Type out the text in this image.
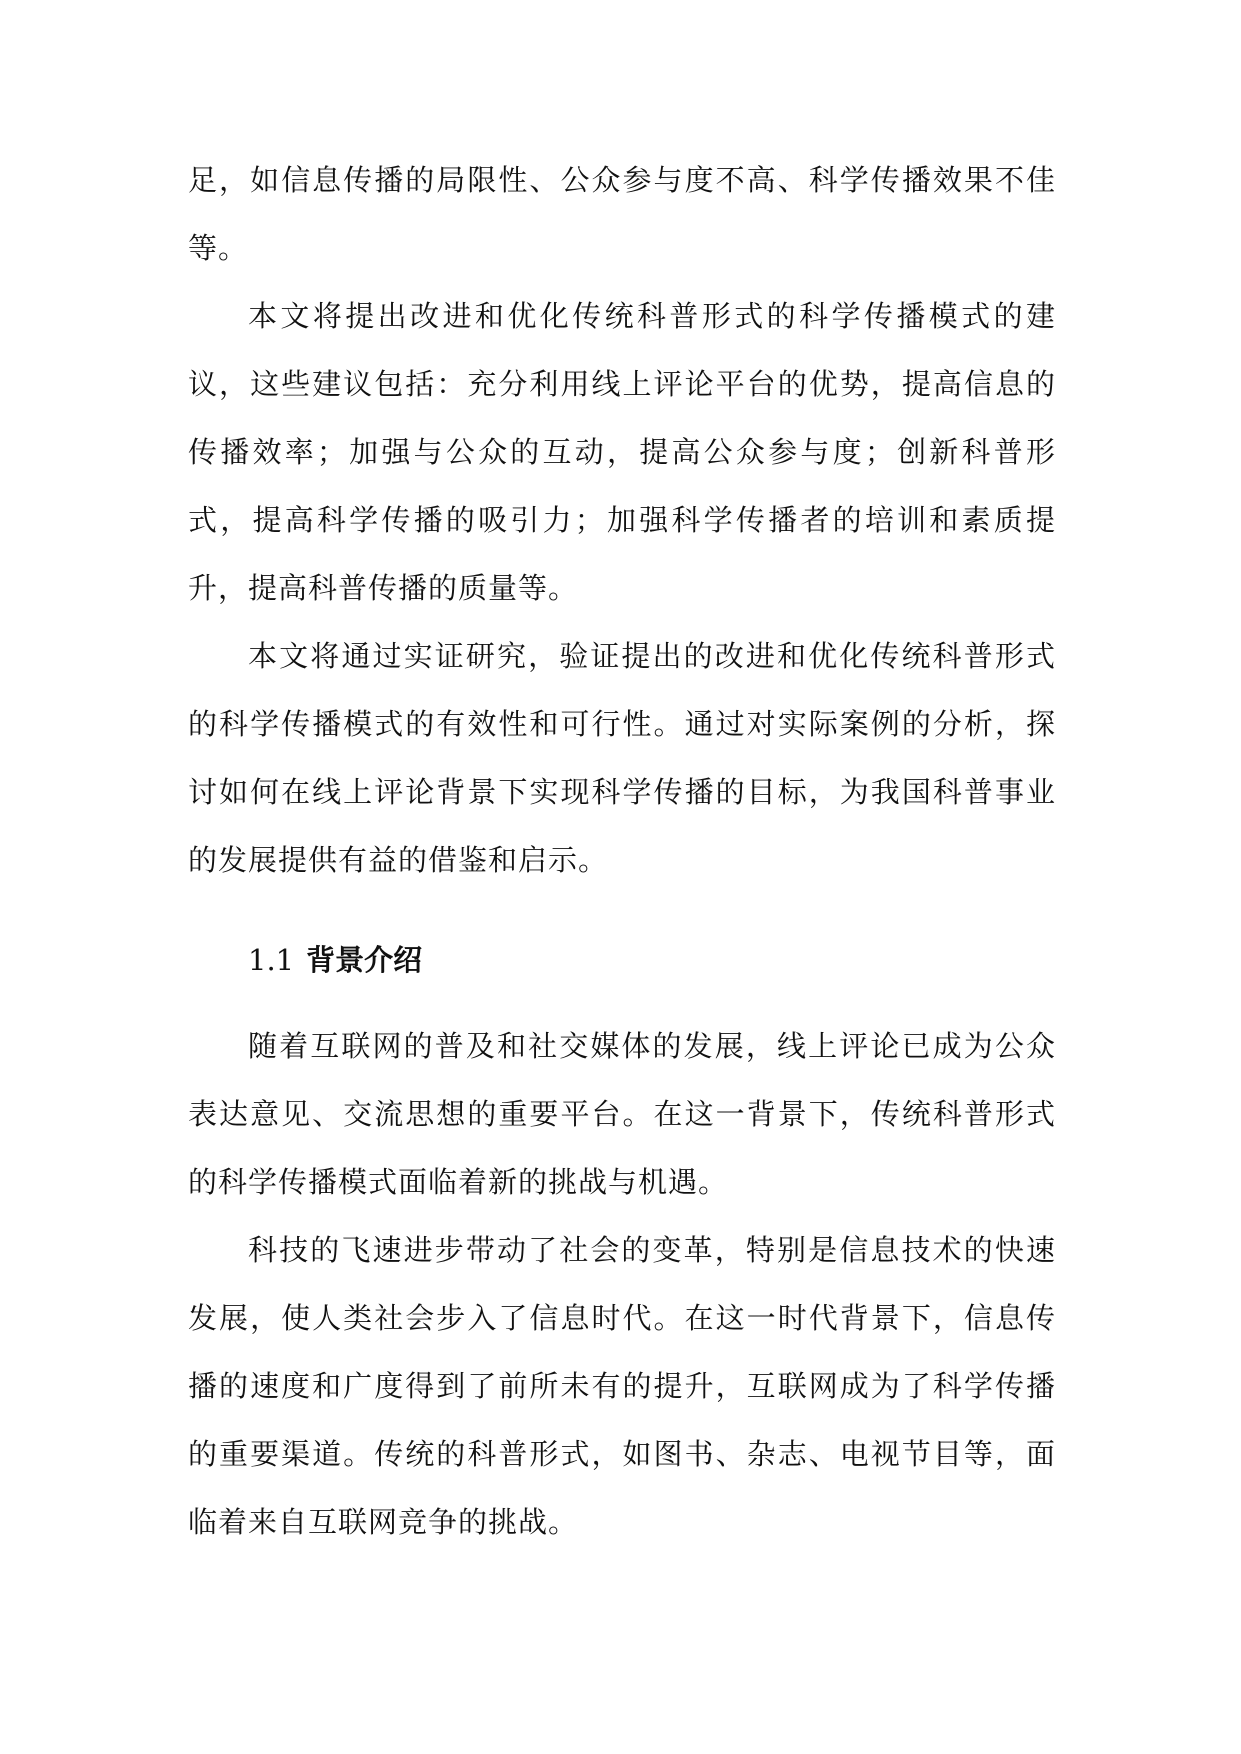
足，如信息传播的局限性、公众参与度不高、科学传播效果不佳等。

本文将提出改进和优化传统科普形式的科学传播模式的建议，这些建议包括：充分利用线上评论平台的优势，提高信息的传播效率；加强与公众的互动，提高公众参与度；创新科普形式，提高科学传播的吸引力；加强科学传播者的培训和素质提升，提高科普传播的质量等。

本文将通过实证研究，验证提出的改进和优化传统科普形式的科学传播模式的有效性和可行性。通过对实际案例的分析，探讨如何在线上评论背景下实现科学传播的目标，为我国科普事业的发展提供有益的借鉴和启示。

1.1 背景介绍

随着互联网的普及和社交媒体的发展，线上评论已成为公众表达意见、交流思想的重要平台。在这一背景下，传统科普形式的科学传播模式面临着新的挑战与机遇。

科技的飞速进步带动了社会的变革，特别是信息技术的快速发展，使人类社会步入了信息时代。在这一时代背景下，信息传播的速度和广度得到了前所未有的提升，互联网成为了科学传播的重要渠道。传统的科普形式，如图书、杂志、电视节目等，面临着来自互联网竞争的挑战。
